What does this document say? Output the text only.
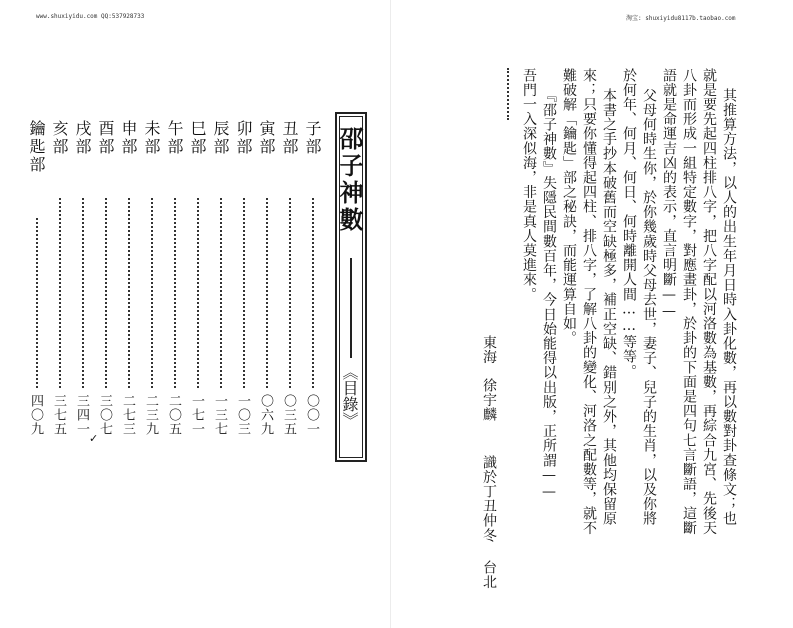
www.shuxiyidu.com QQ:537928733	淘宝: shuxiyidu8117b.taobao.com
其推算方法，以人的出生年月日時入卦化數，再以數對卦查條文；也
就是要先起四柱排八字，把八字配以河洛數為基數，再綜合九宮、先後天
八卦而形成一組特定數字，對應畫卦，於卦的下面是四句七言斷語，這斷
語就是命運吉凶的表示，直言明斷——
父母何時生你，於你幾歲時父母去世，妻子、兒子的生肖，以及你將
於何年、何月、何日、何時離開人間……等等。
本書之手抄本破舊而空缺極多，補正空缺、錯別之外，其他均保留原
來；只要你懂得起四柱、排八字，了解八卦的變化、河洛之配數等，就不
難破解「鑰匙」部之秘訣，而能運算自如。
『邵子神數』失隱民間數百年，今日始能得以出版，正所謂——
吾門一入深似海，非是真人莫進來。
東海
徐宇麟
識於丁丑仲冬
台北
邵子神數
《目錄》
子部
〇〇一
丑部
〇三五
寅部
〇六九
卯部
一〇三
辰部
一三七
巳部
一七一
午部
二〇五
未部
二三九
申部
二七三
酉部
三〇七
戌部
三四一
✓
亥部
三七五
鑰匙部
四〇九
